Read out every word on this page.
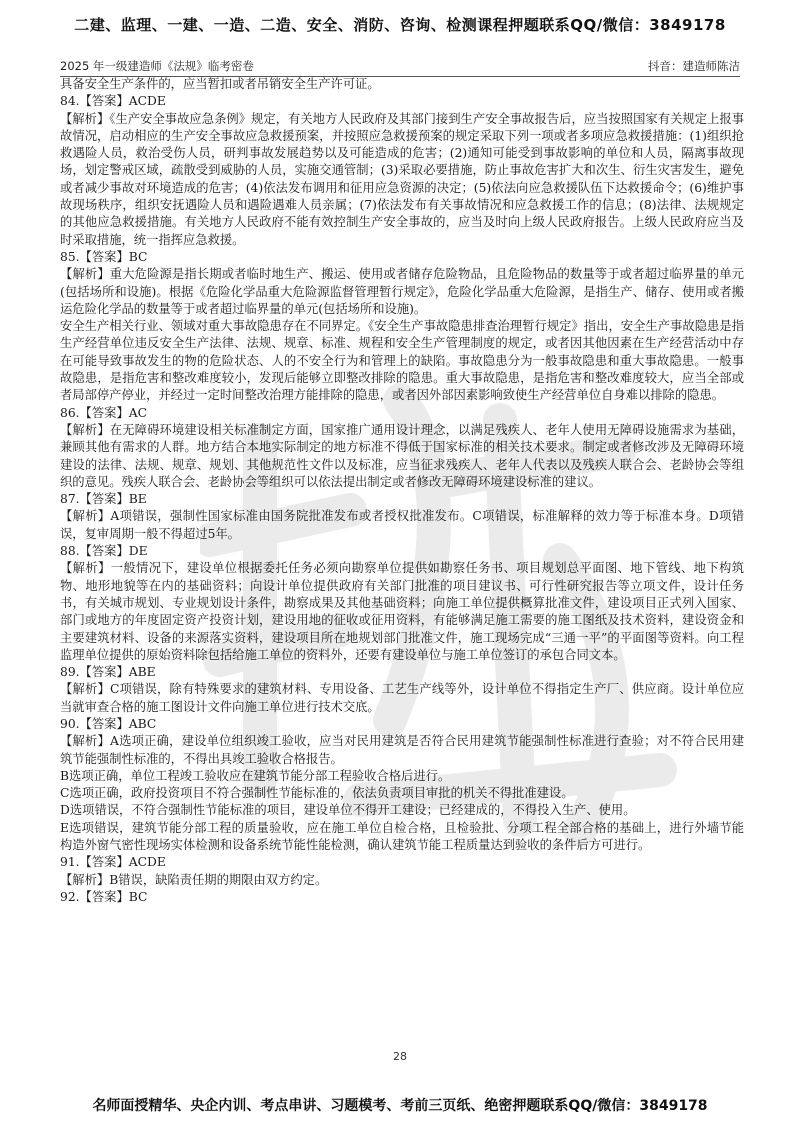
二建、监理、一建、一造、二造、安全、消防、咨询、检测课程押题联系QQ/微信：3849178
2025 年一级建造师《法规》临考密卷	抖音：建造师陈洁

具备安全生产条件的，应当暂扣或者吊销安全生产许可证。

84.【答案】ACDE

【解析】《生产安全事故应急条例》规定，有关地方人民政府及其部门接到生产安全事故报告后，应当按照国家有关规定上报事故情况，启动相应的生产安全事故应急救援预案，并按照应急救援预案的规定采取下列一项或者多项应急救援措施：(1)组织抢救遇险人员，救治受伤人员，研判事故发展趋势以及可能造成的危害；(2)通知可能受到事故影响的单位和人员，隔离事故现场，划定警戒区域，疏散受到威胁的人员，实施交通管制；(3)采取必要措施，防止事故危害扩大和次生、衍生灾害发生，避免或者减少事故对环境造成的危害；(4)依法发布调用和征用应急资源的决定；(5)依法向应急救援队伍下达救援命令；(6)维护事故现场秩序，组织安抚遇险人员和遇险遇难人员亲属；(7)依法发布有关事故情况和应急救援工作的信息；(8)法律、法规规定的其他应急救援措施。有关地方人民政府不能有效控制生产安全事故的，应当及时向上级人民政府报告。上级人民政府应当及时采取措施，统一指挥应急救援。

85.【答案】BC

【解析】重大危险源是指长期或者临时地生产、搬运、使用或者储存危险物品，且危险物品的数量等于或者超过临界量的单元(包括场所和设施)。根据《危险化学品重大危险源监督管理暂行规定》，危险化学品重大危险源，是指生产、储存、使用或者搬运危险化学品的数量等于或者超过临界量的单元(包括场所和设施)。

安全生产相关行业、领域对重大事故隐患存在不同界定。《安全生产事故隐患排查治理暂行规定》指出，安全生产事故隐患是指生产经营单位违反安全生产法律、法规、规章、标准、规程和安全生产管理制度的规定，或者因其他因素在生产经营活动中存在可能导致事故发生的物的危险状态、人的不安全行为和管理上的缺陷。事故隐患分为一般事故隐患和重大事故隐患。一般事故隐患，是指危害和整改难度较小，发现后能够立即整改排除的隐患。重大事故隐患，是指危害和整改难度较大，应当全部或者局部停产停业，并经过一定时间整改治理方能排除的隐患，或者因外部因素影响致使生产经营单位自身难以排除的隐患。

86.【答案】AC

【解析】在无障碍环境建设相关标准制定方面，国家推广通用设计理念，以满足残疾人、老年人使用无障碍设施需求为基础，兼顾其他有需求的人群。地方结合本地实际制定的地方标准不得低于国家标准的相关技术要求。制定或者修改涉及无障碍环境建设的法律、法规、规章、规划、其他规范性文件以及标准，应当征求残疾人、老年人代表以及残疾人联合会、老龄协会等组织的意见。残疾人联合会、老龄协会等组织可以依法提出制定或者修改无障碍环境建设标准的建议。

87.【答案】BE

【解析】A项错误，强制性国家标准由国务院批准发布或者授权批准发布。C项错误，标准解释的效力等于标准本身。D项错误，复审周期一般不得超过5年。

88.【答案】DE

【解析】一般情况下，建设单位根据委托任务必须向勘察单位提供如勘察任务书、项目规划总平面图、地下管线、地下构筑物、地形地貌等在内的基础资料；向设计单位提供政府有关部门批准的项目建议书、可行性研究报告等立项文件，设计任务书，有关城市规划、专业规划设计条件，勘察成果及其他基础资料；向施工单位提供概算批准文件，建设项目正式列入国家、部门或地方的年度固定资产投资计划，建设用地的征收或征用资料，有能够满足施工需要的施工图纸及技术资料，建设资金和主要建筑材料、设备的来源落实资料，建设项目所在地规划部门批准文件，施工现场完成“三通一平”的平面图等资料。向工程监理单位提供的原始资料除包括给施工单位的资料外，还要有建设单位与施工单位签订的承包合同文本。

89.【答案】ABE

【解析】C项错误，除有特殊要求的建筑材料、专用设备、工艺生产线等外，设计单位不得指定生产厂、供应商。设计单位应当就审查合格的施工图设计文件向施工单位进行技术交底。

90.【答案】ABC

【解析】A选项正确，建设单位组织竣工验收，应当对民用建筑是否符合民用建筑节能强制性标准进行查验；对不符合民用建筑节能强制性标准的，不得出具竣工验收合格报告。

B选项正确，单位工程竣工验收应在建筑节能分部工程验收合格后进行。

C选项正确，政府投资项目不符合强制性节能标准的，依法负责项目审批的机关不得批准建设。

D选项错误，不符合强制性节能标准的项目，建设单位不得开工建设；已经建成的，不得投入生产、使用。

E选项错误，建筑节能分部工程的质量验收，应在施工单位自检合格，且检验批、分项工程全部合格的基础上，进行外墙节能构造外窗气密性现场实体检测和设备系统节能性能检测，确认建筑节能工程质量达到验收的条件后方可进行。

91.【答案】ACDE

【解析】B错误，缺陷责任期的期限由双方约定。

92.【答案】BC

28
名师面授精华、央企内训、考点串讲、习题模考、考前三页纸、绝密押题联系QQ/微信：3849178
